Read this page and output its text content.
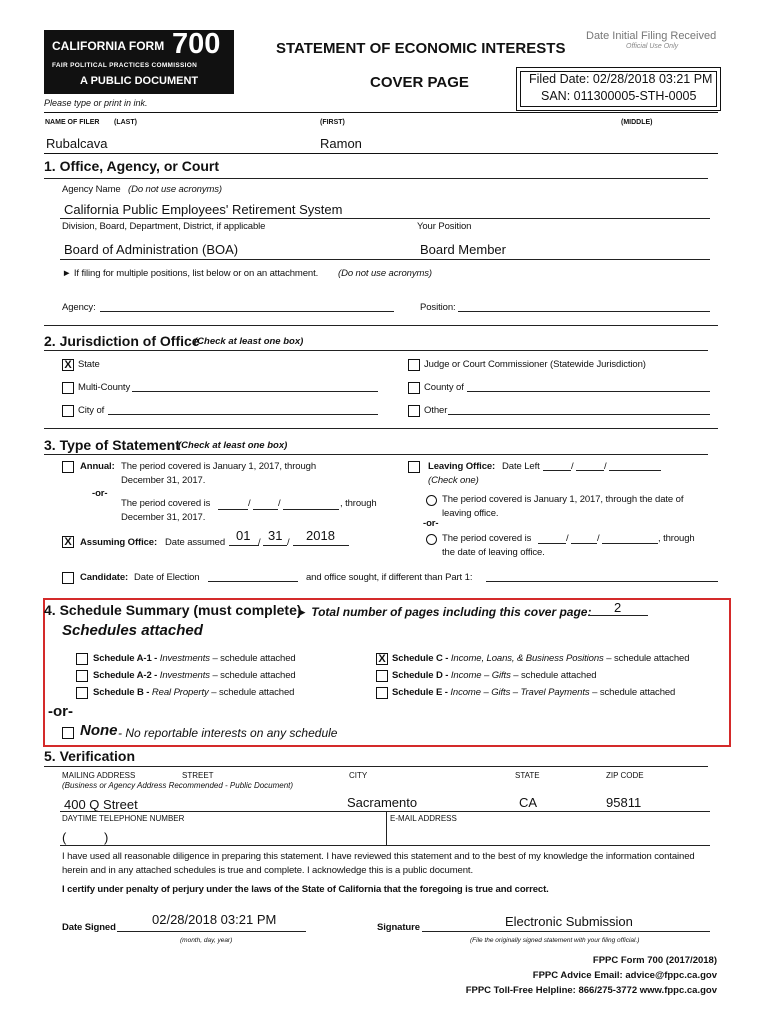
CALIFORNIA FORM 700
FAIR POLITICAL PRACTICES COMMISSION
A PUBLIC DOCUMENT
STATEMENT OF ECONOMIC INTERESTS
COVER PAGE
Date Initial Filing Received
Official Use Only
Filed Date: 02/28/2018 03:21 PM
SAN: 011300005-STH-0005
Please type or print in ink.
NAME OF FILER (LAST)	(FIRST)	(MIDDLE)
Rubalcava	Ramon
1. Office, Agency, or Court
Agency Name (Do not use acronyms)
California Public Employees' Retirement System
Division, Board, Department, District, if applicable	Your Position
Board of Administration (BOA)	Board Member
► If filing for multiple positions, list below or on an attachment. (Do not use acronyms)
Agency:	Position:
2. Jurisdiction of Office
(Check at least one box)
X State	Judge or Court Commissioner (Statewide Jurisdiction)
Multi-County	County of
City of	Other
3. Type of Statement
(Check at least one box)
Annual: The period covered is January 1, 2017, through
December 31, 2017.
-or-
The period covered is	/	/	, through
December 31, 2017.
X Assuming Office: Date assumed 01 / 31 / 2018
Leaving Office: Date Left	/	/
(Check one)
The period covered is January 1, 2017, through the date of
leaving office.
-or-
The period covered is	/	/	, through
the date of leaving office.
Candidate: Date of Election	and office sought, if different than Part 1:
4. Schedule Summary (must complete)
► Total number of pages including this cover page: 2
Schedules attached
Schedule A-1 - Investments – schedule attached
Schedule A-2 - Investments – schedule attached
Schedule B - Real Property – schedule attached
X Schedule C - Income, Loans, & Business Positions – schedule attached
Schedule D - Income – Gifts – schedule attached
Schedule E - Income – Gifts – Travel Payments – schedule attached
-or-
None - No reportable interests on any schedule
5. Verification
MAILING ADDRESS	STREET	CITY	STATE	ZIP CODE
(Business or Agency Address Recommended - Public Document)
400 Q Street	Sacramento	CA	95811
DAYTIME TELEPHONE NUMBER	E-MAIL ADDRESS
(	)
I have used all reasonable diligence in preparing this statement. I have reviewed this statement and to the best of my knowledge the information contained
herein and in any attached schedules is true and complete. I acknowledge this is a public document.
I certify under penalty of perjury under the laws of the State of California that the foregoing is true and correct.
Date Signed
02/28/2018 03:21 PM
(month, day, year)
Signature	Electronic Submission
(File the originally signed statement with your filing official.)
FPPC Form 700 (2017/2018)
FPPC Advice Email: advice@fppc.ca.gov
FPPC Toll-Free Helpline: 866/275-3772 www.fppc.ca.gov
